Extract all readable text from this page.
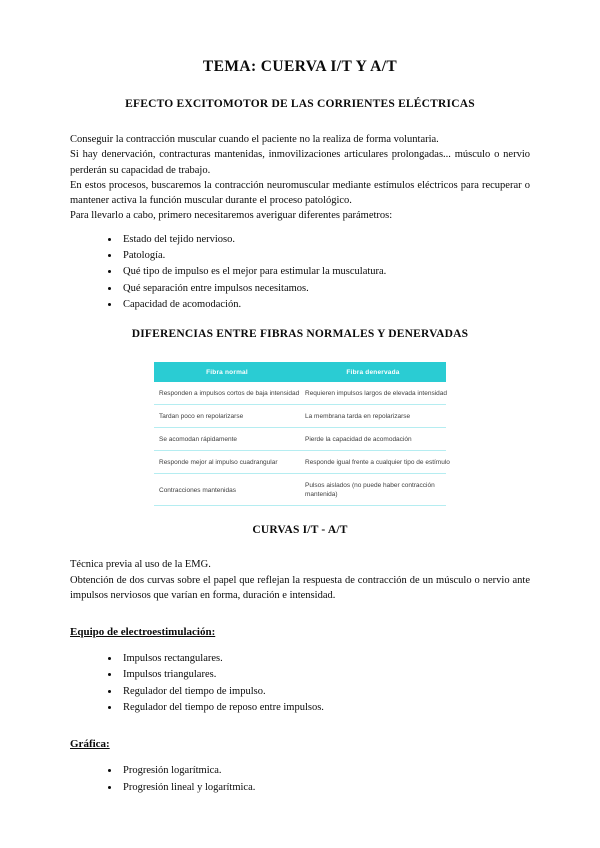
TEMA: CUERVA I/T Y A/T
EFECTO EXCITOMOTOR DE LAS CORRIENTES ELÉCTRICAS

Conseguir la contracción muscular cuando el paciente no la realiza de forma voluntaria.

Si hay denervación, contracturas mantenidas, inmovilizaciones articulares prolongadas... músculo o nervio perderán su capacidad de trabajo.

En estos procesos, buscaremos la contracción neuromuscular mediante estímulos eléctricos para recuperar o mantener activa la función muscular durante el proceso patológico.

Para llevarlo a cabo, primero necesitaremos averiguar diferentes parámetros:

• Estado del tejido nervioso.
• Patología.
• Qué tipo de impulso es el mejor para estimular la musculatura.
• Qué separación entre impulsos necesitamos.
• Capacidad de acomodación.
DIFERENCIAS ENTRE FIBRAS NORMALES Y DENERVADAS
Fibra normal	Fibra denervada
Responden a impulsos cortos de baja intensidad	Requieren impulsos largos de elevada intensidad
Tardan poco en repolarizarse	La membrana tarda en repolarizarse
Se acomodan rápidamente	Pierde la capacidad de acomodación
Responde mejor al impulso cuadrangular	Responde igual frente a cualquier tipo de estímulo
Contracciones mantenidas	Pulsos aislados (no puede haber contracción mantenida)
CURVAS I/T - A/T

Técnica previa al uso de la EMG.

Obtención de dos curvas sobre el papel que reflejan la respuesta de contracción de un músculo o nervio ante impulsos nerviosos que varían en forma, duración e intensidad.

Equipo de electroestimulación:
• Impulsos rectangulares.
• Impulsos triangulares.
• Regulador del tiempo de impulso.
• Regulador del tiempo de reposo entre impulsos.
Gráfica:
• Progresión logarítmica.
• Progresión lineal y logarítmica.
